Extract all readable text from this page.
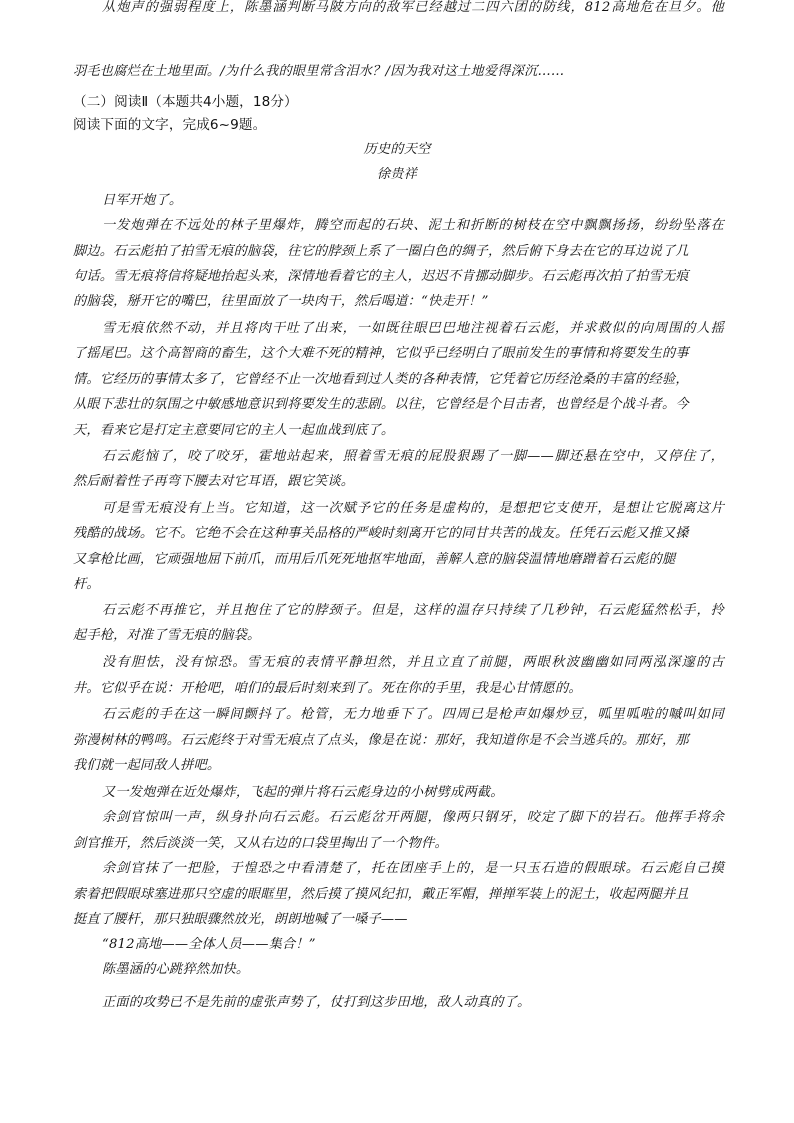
羽毛也腐烂在土地里面。/为什么我的眼里常含泪水？/因为我对这土地爱得深沉……
（二）阅读Ⅱ（本题共4小题，18分）
阅读下面的文字，完成6~9题。
历史的天空
徐贵祥
日军开炮了。
一发炮弹在不远处的林子里爆炸，腾空而起的石块、泥土和折断的树枝在空中飘飘扬扬，纷纷坠落在
脚边。石云彪拍了拍雪无痕的脑袋，往它的脖颈上系了一圈白色的绸子，然后俯下身去在它的耳边说了几
句话。雪无痕将信将疑地抬起头来，深情地看着它的主人，迟迟不肯挪动脚步。石云彪再次拍了拍雪无痕
的脑袋，掰开它的嘴巴，往里面放了一块肉干，然后喝道：“快走开！”
雪无痕依然不动，并且将肉干吐了出来，一如既往眼巴巴地注视着石云彪，并求救似的向周围的人摇
了摇尾巴。这个高智商的畜生，这个大难不死的精神，它似乎已经明白了眼前发生的事情和将要发生的事
情。它经历的事情太多了，它曾经不止一次地看到过人类的各种表情，它凭着它历经沧桑的丰富的经验，
从眼下悲壮的氛围之中敏感地意识到将要发生的悲剧。以往，它曾经是个目击者，也曾经是个战斗者。今
天，看来它是打定主意要同它的主人一起血战到底了。
石云彪恼了，咬了咬牙，霍地站起来，照着雪无痕的屁股狠踢了一脚——脚还悬在空中，又停住了，
然后耐着性子再弯下腰去对它耳语，跟它笑谈。
可是雪无痕没有上当。它知道，这一次赋予它的任务是虚构的，是想把它支使开，是想让它脱离这片
残酷的战场。它不。它绝不会在这种事关品格的严峻时刻离开它的同甘共苦的战友。任凭石云彪又推又搡
又拿枪比画，它顽强地屈下前爪，而用后爪死死地抠牢地面，善解人意的脑袋温情地磨蹭着石云彪的腿
杆。
石云彪不再推它，并且抱住了它的脖颈子。但是，这样的温存只持续了几秒钟，石云彪猛然松手，拎
起手枪，对准了雪无痕的脑袋。
没有胆怯，没有惊恐。雪无痕的表情平静坦然，并且立直了前腿，两眼秋波幽幽如同两泓深邃的古
井。它似乎在说：开枪吧，咱们的最后时刻来到了。死在你的手里，我是心甘情愿的。
石云彪的手在这一瞬间颤抖了。枪管，无力地垂下了。四周已是枪声如爆炒豆，呱里呱啦的嘁叫如同
弥漫树林的鸭鸣。石云彪终于对雪无痕点了点头，像是在说：那好，我知道你是不会当逃兵的。那好，那
我们就一起同敌人拼吧。
又一发炮弹在近处爆炸，飞起的弹片将石云彪身边的小树劈成两截。
余剑官惊叫一声，纵身扑向石云彪。石云彪岔开两腿，像两只钢牙，咬定了脚下的岩石。他挥手将余
剑官推开，然后淡淡一笑，又从右边的口袋里掏出了一个物件。
余剑官抹了一把脸，于惶恐之中看清楚了，托在团座手上的，是一只玉石造的假眼球。石云彪自己摸
索着把假眼球塞进那只空虚的眼眶里，然后摸了摸风纪扣，戴正军帽，掸掸军装上的泥土，收起两腿并且
挺直了腰杆，那只独眼骤然放光，朗朗地喊了一嗓子——
“812高地——全体人员——集合！”
陈墨涵的心跳猝然加快。
正面的攻势已不是先前的虚张声势了，仗打到这步田地，敌人动真的了。
从炮声的强弱程度上，陈墨涵判断马陂方向的敌军已经越过二四六团的防线，812高地危在旦夕。他
